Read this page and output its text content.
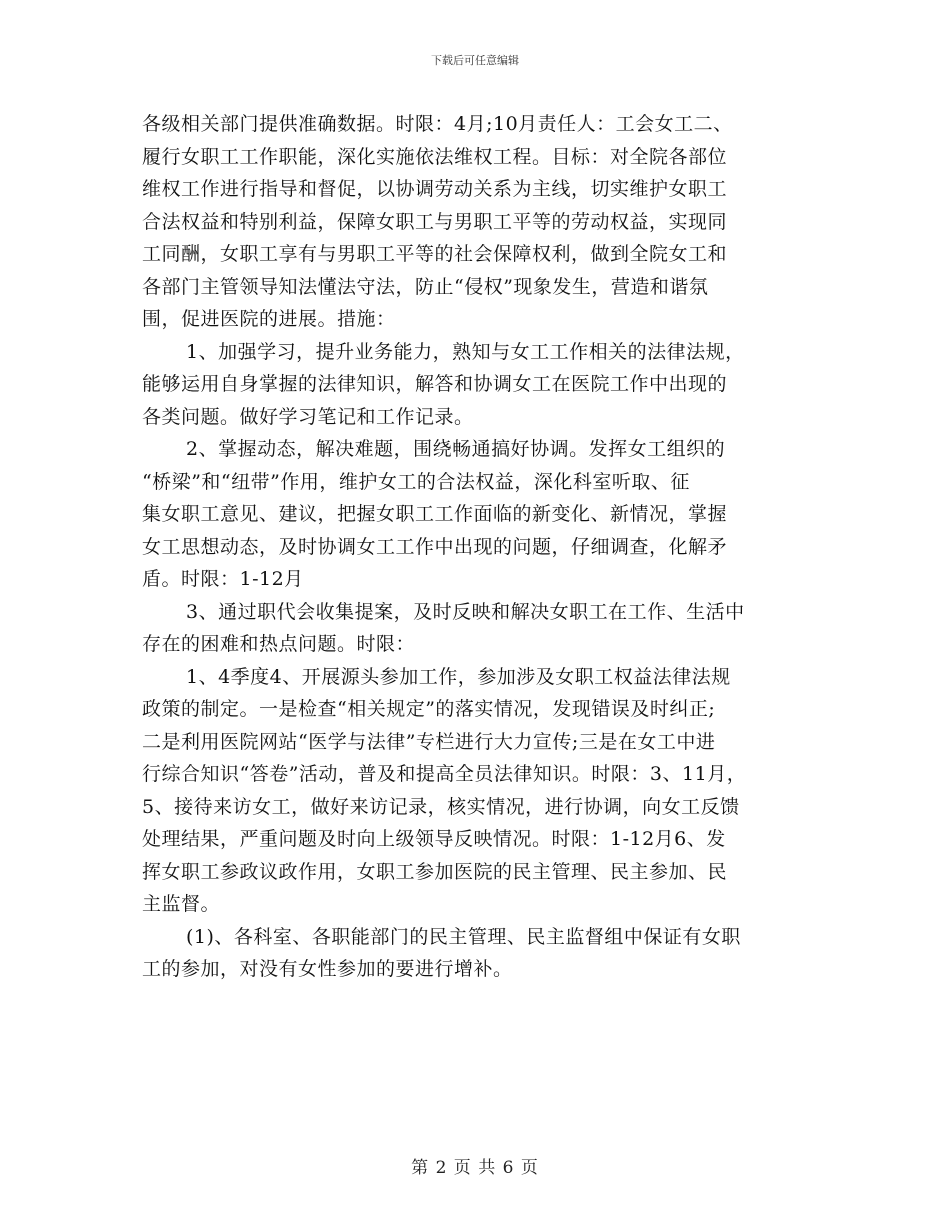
下载后可任意编辑
各级相关部门提供准确数据。时限：4月;10月责任人：工会女工二、
履行女职工工作职能，深化实施依法维权工程。目标：对全院各部位
维权工作进行指导和督促，以协调劳动关系为主线，切实维护女职工
合法权益和特别利益，保障女职工与男职工平等的劳动权益，实现同
工同酬，女职工享有与男职工平等的社会保障权利，做到全院女工和
各部门主管领导知法懂法守法，防止“侵权”现象发生，营造和谐氛
围，促进医院的进展。措施：
1、加强学习，提升业务能力，熟知与女工工作相关的法律法规，
能够运用自身掌握的法律知识，解答和协调女工在医院工作中出现的
各类问题。做好学习笔记和工作记录。
2、掌握动态，解决难题，围绕畅通搞好协调。发挥女工组织的
“桥梁”和“纽带”作用，维护女工的合法权益，深化科室听取、征
集女职工意见、建议，把握女职工工作面临的新变化、新情况，掌握
女工思想动态，及时协调女工工作中出现的问题，仔细调查，化解矛
盾。时限：1-12月
3、通过职代会收集提案，及时反映和解决女职工在工作、生活中
存在的困难和热点问题。时限：
1、4季度4、开展源头参加工作，参加涉及女职工权益法律法规
政策的制定。一是检查“相关规定”的落实情况，发现错误及时纠正;
二是利用医院网站“医学与法律”专栏进行大力宣传;三是在女工中进
行综合知识“答卷”活动，普及和提高全员法律知识。时限：3、11月，
5、接待来访女工，做好来访记录，核实情况，进行协调，向女工反馈
处理结果，严重问题及时向上级领导反映情况。时限：1-12月6、发
挥女职工参政议政作用，女职工参加医院的民主管理、民主参加、民
主监督。
(1)、各科室、各职能部门的民主管理、民主监督组中保证有女职
工的参加，对没有女性参加的要进行增补。
第 2 页 共 6 页
